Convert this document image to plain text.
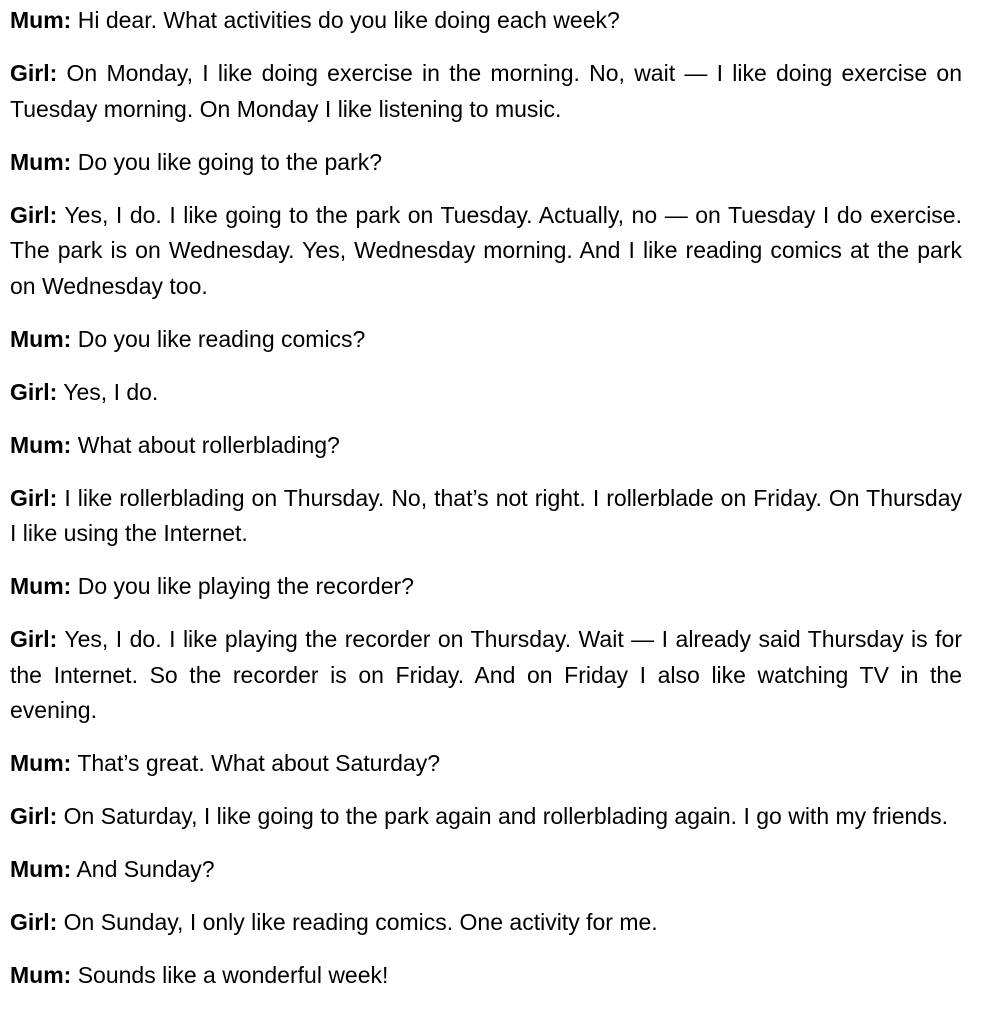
Mum: Hi dear. What activities do you like doing each week?

Girl: On Monday, I like doing exercise in the morning. No, wait — I like doing exercise on Tuesday morning. On Monday I like listening to music.

Mum: Do you like going to the park?

Girl: Yes, I do. I like going to the park on Tuesday. Actually, no — on Tuesday I do exercise. The park is on Wednesday. Yes, Wednesday morning. And I like reading comics at the park on Wednesday too.

Mum: Do you like reading comics?

Girl: Yes, I do.

Mum: What about rollerblading?

Girl: I like rollerblading on Thursday. No, that’s not right. I rollerblade on Friday. On Thursday I like using the Internet.

Mum: Do you like playing the recorder?

Girl: Yes, I do. I like playing the recorder on Thursday. Wait — I already said Thursday is for the Internet. So the recorder is on Friday. And on Friday I also like watching TV in the evening.

Mum: That’s great. What about Saturday?

Girl: On Saturday, I like going to the park again and rollerblading again. I go with my friends.

Mum: And Sunday?

Girl: On Sunday, I only like reading comics. One activity for me.

Mum: Sounds like a wonderful week!
